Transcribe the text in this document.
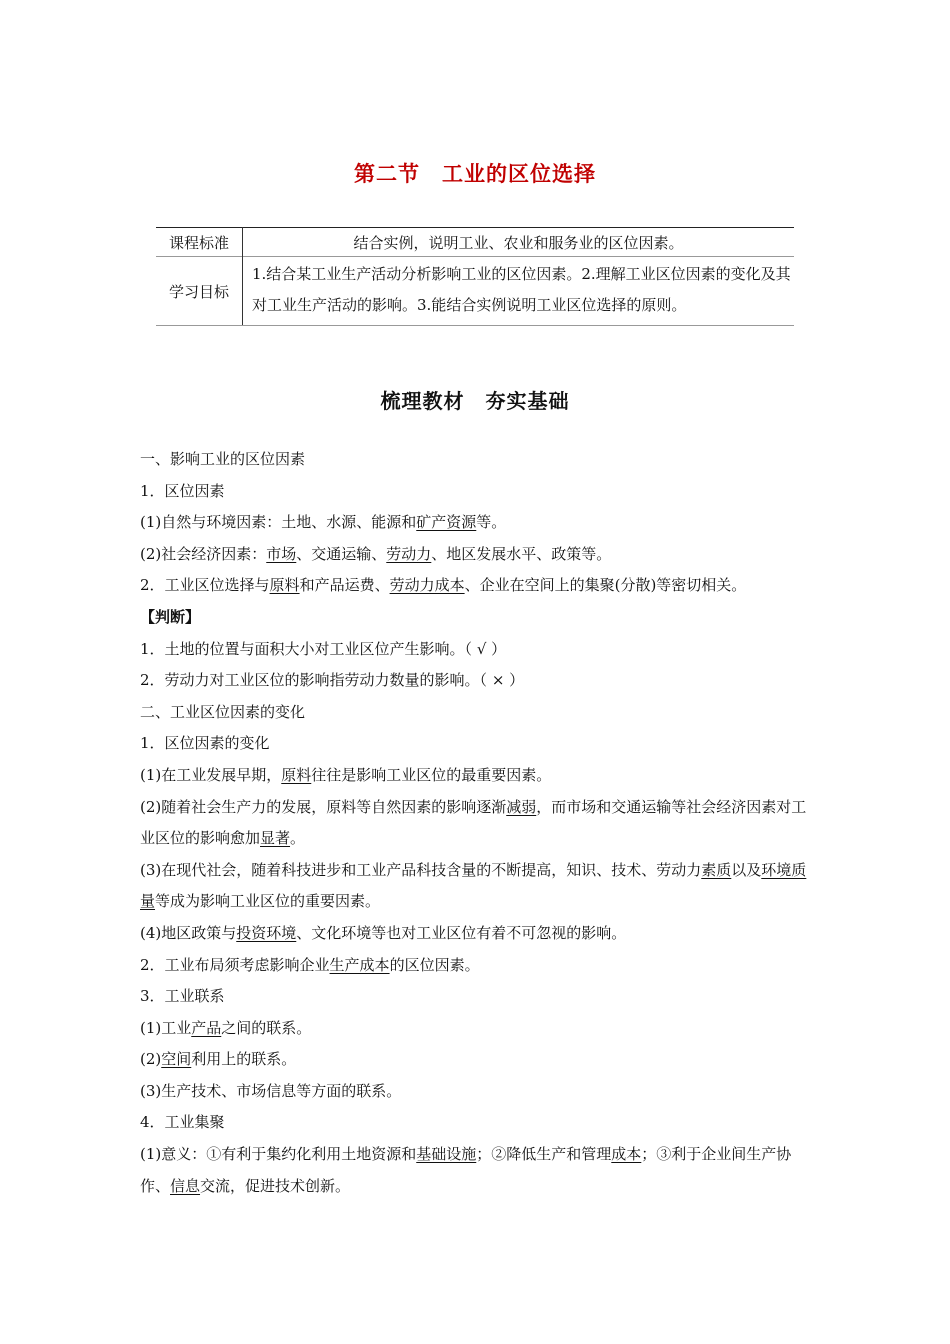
第二节　工业的区位选择
课程标准	结合实例，说明工业、农业和服务业的区位因素。
学习目标	1.结合某工业生产活动分析影响工业的区位因素。2.理解工业区位因素的变化及其对工业生产活动的影响。3.能结合实例说明工业区位选择的原则。
梳理教材　夯实基础
一、影响工业的区位因素
1．区位因素
(1)自然与环境因素：土地、水源、能源和矿产资源等。
(2)社会经济因素：市场、交通运输、劳动力、地区发展水平、政策等。
2．工业区位选择与原料和产品运费、劳动力成本、企业在空间上的集聚(分散)等密切相关。
【判断】
1．土地的位置与面积大小对工业区位产生影响。（ √ ）
2．劳动力对工业区位的影响指劳动力数量的影响。（ × ）
二、工业区位因素的变化
1．区位因素的变化
(1)在工业发展早期，原料往往是影响工业区位的最重要因素。
(2)随着社会生产力的发展，原料等自然因素的影响逐渐减弱，而市场和交通运输等社会经济因素对工业区位的影响愈加显著。
(3)在现代社会，随着科技进步和工业产品科技含量的不断提高，知识、技术、劳动力素质以及环境质量等成为影响工业区位的重要因素。
(4)地区政策与投资环境、文化环境等也对工业区位有着不可忽视的影响。
2．工业布局须考虑影响企业生产成本的区位因素。
3．工业联系
(1)工业产品之间的联系。
(2)空间利用上的联系。
(3)生产技术、市场信息等方面的联系。
4．工业集聚
(1)意义：①有利于集约化利用土地资源和基础设施；②降低生产和管理成本；③利于企业间生产协作、信息交流，促进技术创新。
